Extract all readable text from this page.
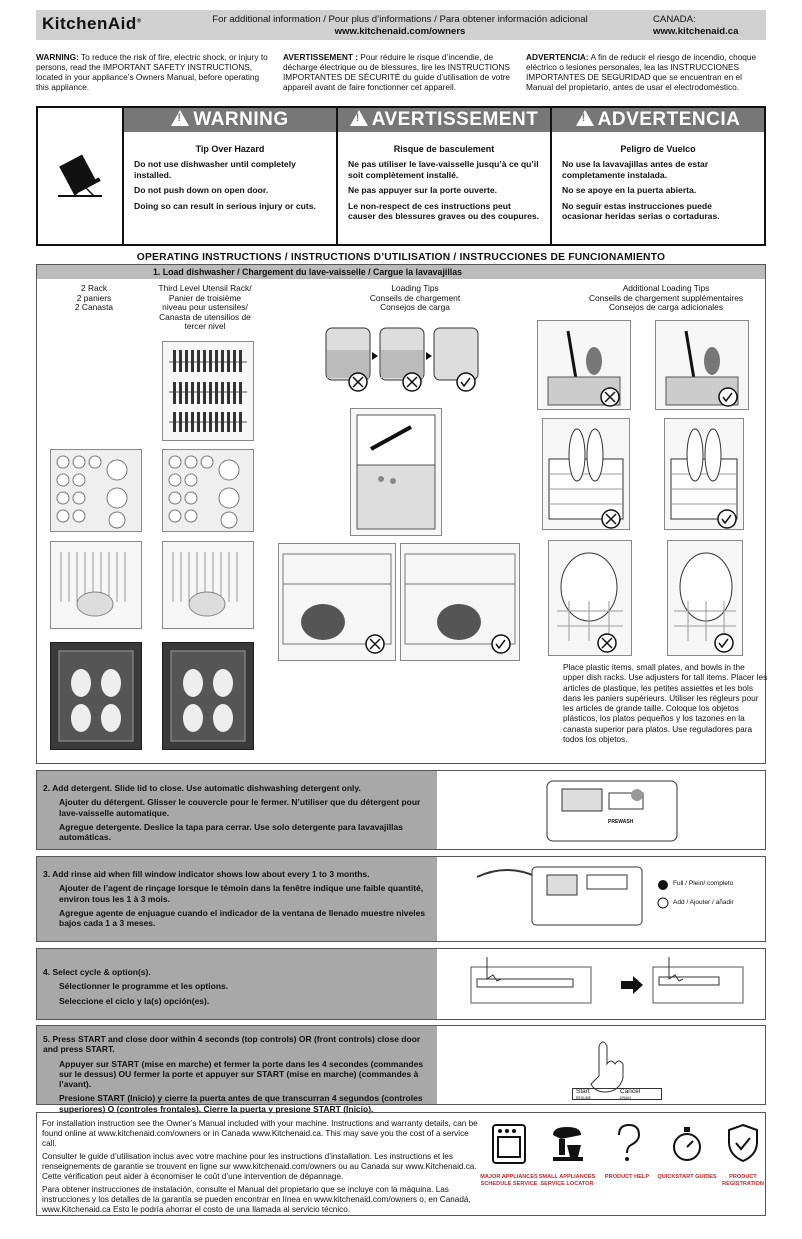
KitchenAid®	For additional information / Pour plus d’informations / Para obtener información adicional
www.kitchenaid.com/owners
CANADA:
www.kitchenaid.ca
WARNING: To reduce the risk of fire, electric shock, or injury to persons, read the IMPORTANT SAFETY INSTRUCTIONS, located in your appliance’s Owners Manual, before operating this appliance.
AVERTISSEMENT : Pour réduire le risque d’incendie, de décharge électrique ou de blessures, lire les INSTRUCTIONS IMPORTANTES DE SÉCURITÉ du guide d’utilisation de votre appareil avant de faire fonctionner cet appareil.
ADVERTENCIA: A fin de reducir el riesgo de incendio, choque eléctrico o lesiones personales, lea las INSTRUCCIONES IMPORTANTES DE SEGURIDAD que se encuentran en el Manual del propietario, antes de usar el electrodoméstico.
!WARNING
Tip Over Hazard
Do not use dishwasher until completely installed.
Do not push down on open door.
Doing so can result in serious injury or cuts.
!AVERTISSEMENT
Risque de basculement
Ne pas utiliser le lave-vaisselle jusqu’à ce qu’il soit complètement installé.
Ne pas appuyer sur la porte ouverte.
Le non-respect de ces instructions peut causer des blessures graves ou des coupures.
!ADVERTENCIA
Peligro de Vuelco
No use la lavavajillas antes de estar completamente instalada.
No se apoye en la puerta abierta.
No seguir estas instrucciones puede ocasionar heridas serias o cortaduras.
OPERATING INSTRUCTIONS / INSTRUCTIONS D’UTILISATION / INSTRUCCIONES DE FUNCIONAMIENTO
1. Load dishwasher / Chargement du lave-vaisselle / Cargue la lavavajillas
2 Rack
2 paniers
2 Canasta
Third Level Utensil Rack/
Panier de troisième
niveau pour ustensiles/
Canasta de utensilios de
tercer nivel
Loading Tips
Conseils de chargement
Consejos de carga
Additional Loading Tips
Conseils de chargement supplémentaires
Consejos de carga adicionales
Place plastic items, small plates, and bowls in the upper dish racks. Use adjusters for tall items. Placer les articles de plastique, les petites assiettes et les bols dans les paniers supérieurs. Utiliser les régleurs pour les articles de grande taille. Coloque los objetos plásticos, los platos pequeños y los tazones en la canasta superior para platos. Use reguladores para todos los objetos.

2. Add detergent. Slide lid to close. Use automatic dishwashing detergent only.

Ajouter du détergent. Glisser le couvercle pour le fermer. N’utiliser que du détergent pour lave-vaisselle automatique.

Agregue detergente. Deslice la tapa para cerrar. Use solo detergente para lavavajillas automáticas.

PREWASH

3. Add rinse aid when fill window indicator shows low about every 1 to 3 months.

Ajouter de l’agent de rinçage lorsque le témoin dans la fenêtre indique une faible quantité, environ tous les 1 à 3 mois.

Agregue agente de enjuague cuando el indicador de la ventana de llenado muestre niveles bajos cada 1 a 3 meses.

Full / Plein/ completo
Add / Ajouter / añadir

4. Select cycle & option(s).

Sélectionner le programme et les options.

Seleccione el ciclo y la(s) opción(es).

5. Press START and close door within 4 seconds (top controls) OR (front controls) close door and press START.

Appuyer sur START (mise en marche) et fermer la porte dans les 4 secondes (commandes sur le dessus) OU fermer la porte et appuyer sur START (mise en marche) (commandes à l’avant).

Presione START (Inicio) y cierre la puerta antes de que transcurran 4 segundos (controles superiores) O (controles frontales). Cierre la puerta y presione START (Inicio).

Start
RESUME
Cancel
DRAIN

For installation instruction see the Owner’s Manual included with your machine. Instructions and warranty details, can be found online at www.kitchenaid.com/owners or in Canada www.Kitchenaid.ca. This may save you the cost of a service call.

Consulter le guide d’utilisation inclus avec votre machine pour les instructions d’installation. Les instructions et les renseignements de garantie se trouvent en ligne sur www.kitchenaid.com/owners ou au Canada sur www.Kitchenaid.ca. Cette vérification peut aider à économiser le coût d’une intervention de dépannage.

Para obtener instrucciones de instalación, consulte el Manual del propietario que se incluye con la máquina. Las instrucciones y los detalles de la garantía se pueden encontrar en línea en www.kitchenaid.com/owners o, en Canadá, www.Kitchenaid.ca Esto le podría ahorrar el costo de una llamada al servicio técnico.

MAJOR APPLIANCES SCHEDULE SERVICE
SMALL APPLIANCES SERVICE LOCATOR
PRODUCT HELP	QUICKSTART GUIDES	PRODUCT REGISTRATION
